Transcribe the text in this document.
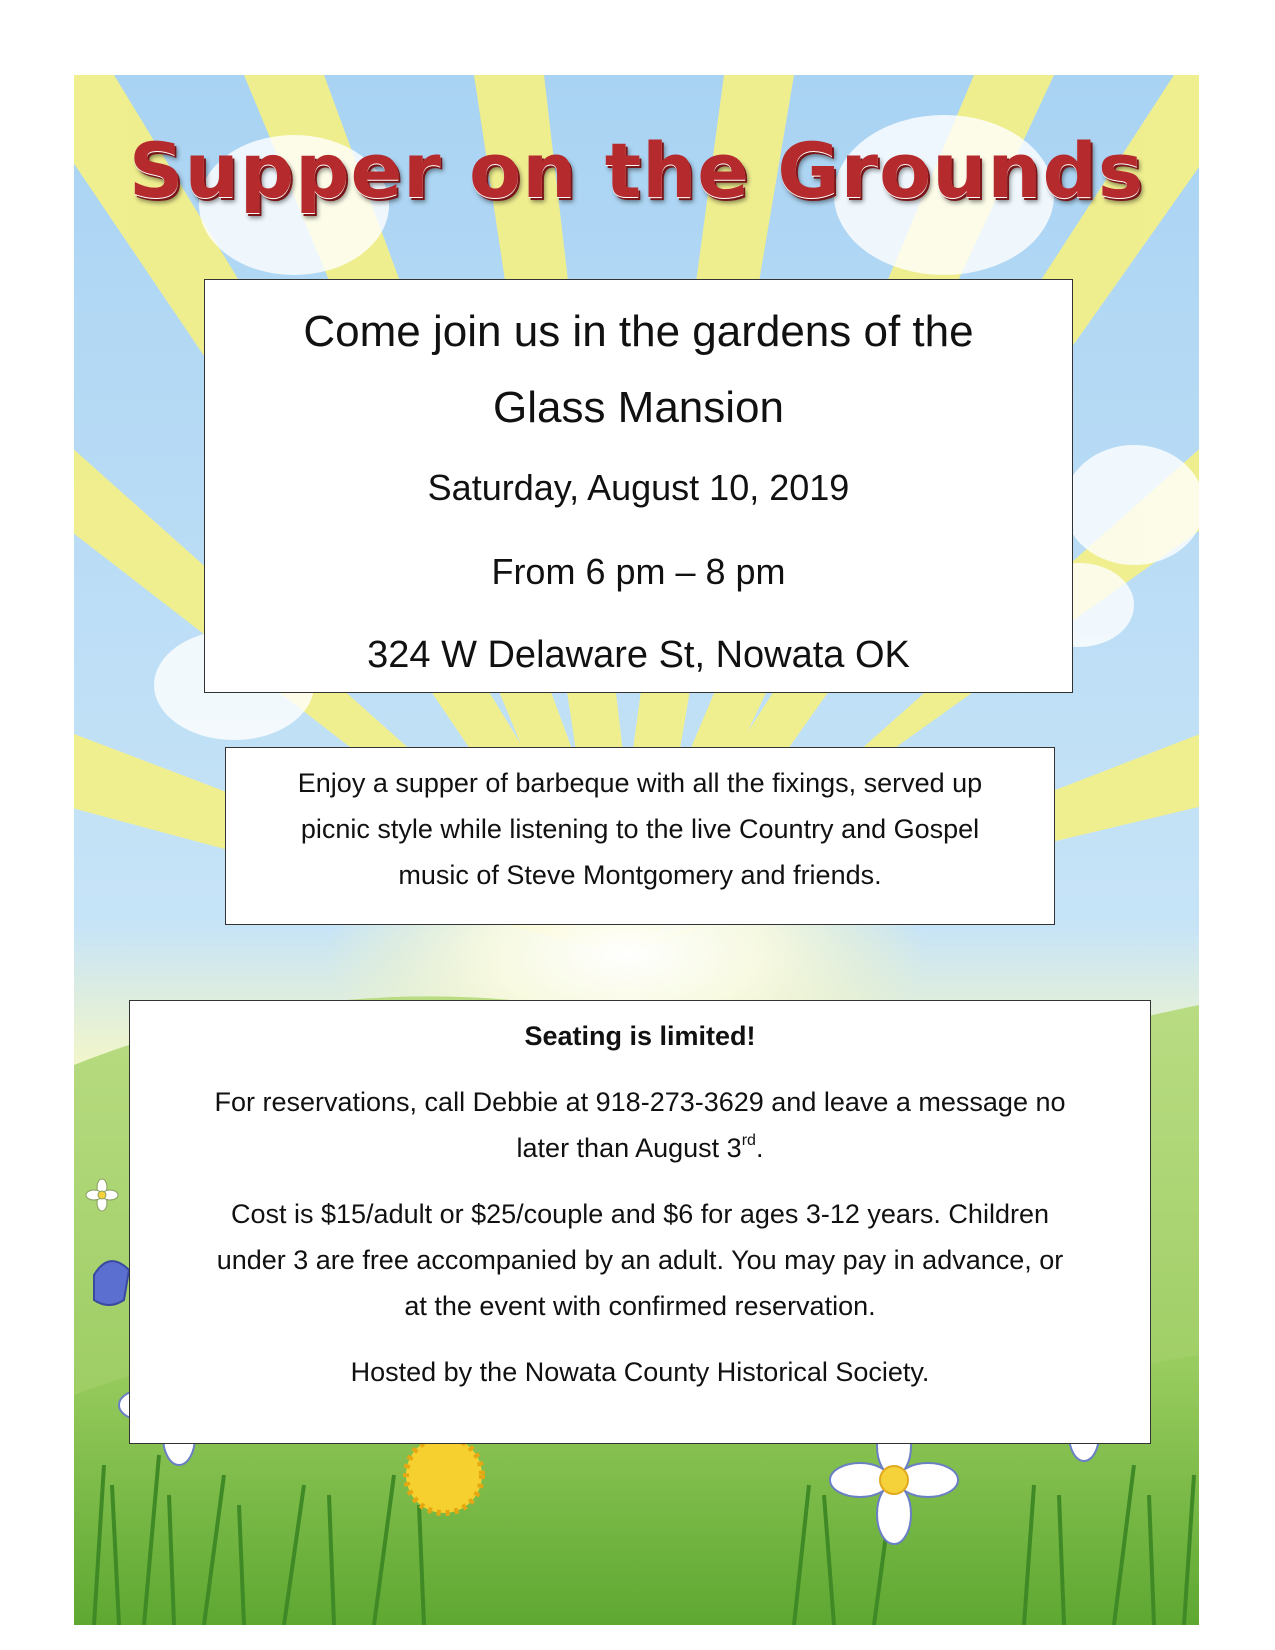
Supper on the Grounds

Come join us in the gardens of the

Glass Mansion

Saturday, August 10, 2019

From 6 pm – 8 pm

324 W Delaware St, Nowata OK

Enjoy a supper of barbeque with all the fixings, served up

picnic style while listening to the live Country and Gospel

music of Steve Montgomery and friends.

Seating is limited!

For reservations, call Debbie at 918-273-3629 and leave a message no

later than August 3rd.

Cost is $15/adult or $25/couple and $6 for ages 3-12 years. Children

under 3 are free accompanied by an adult. You may pay in advance, or

at the event with confirmed reservation.

Hosted by the Nowata County Historical Society.
